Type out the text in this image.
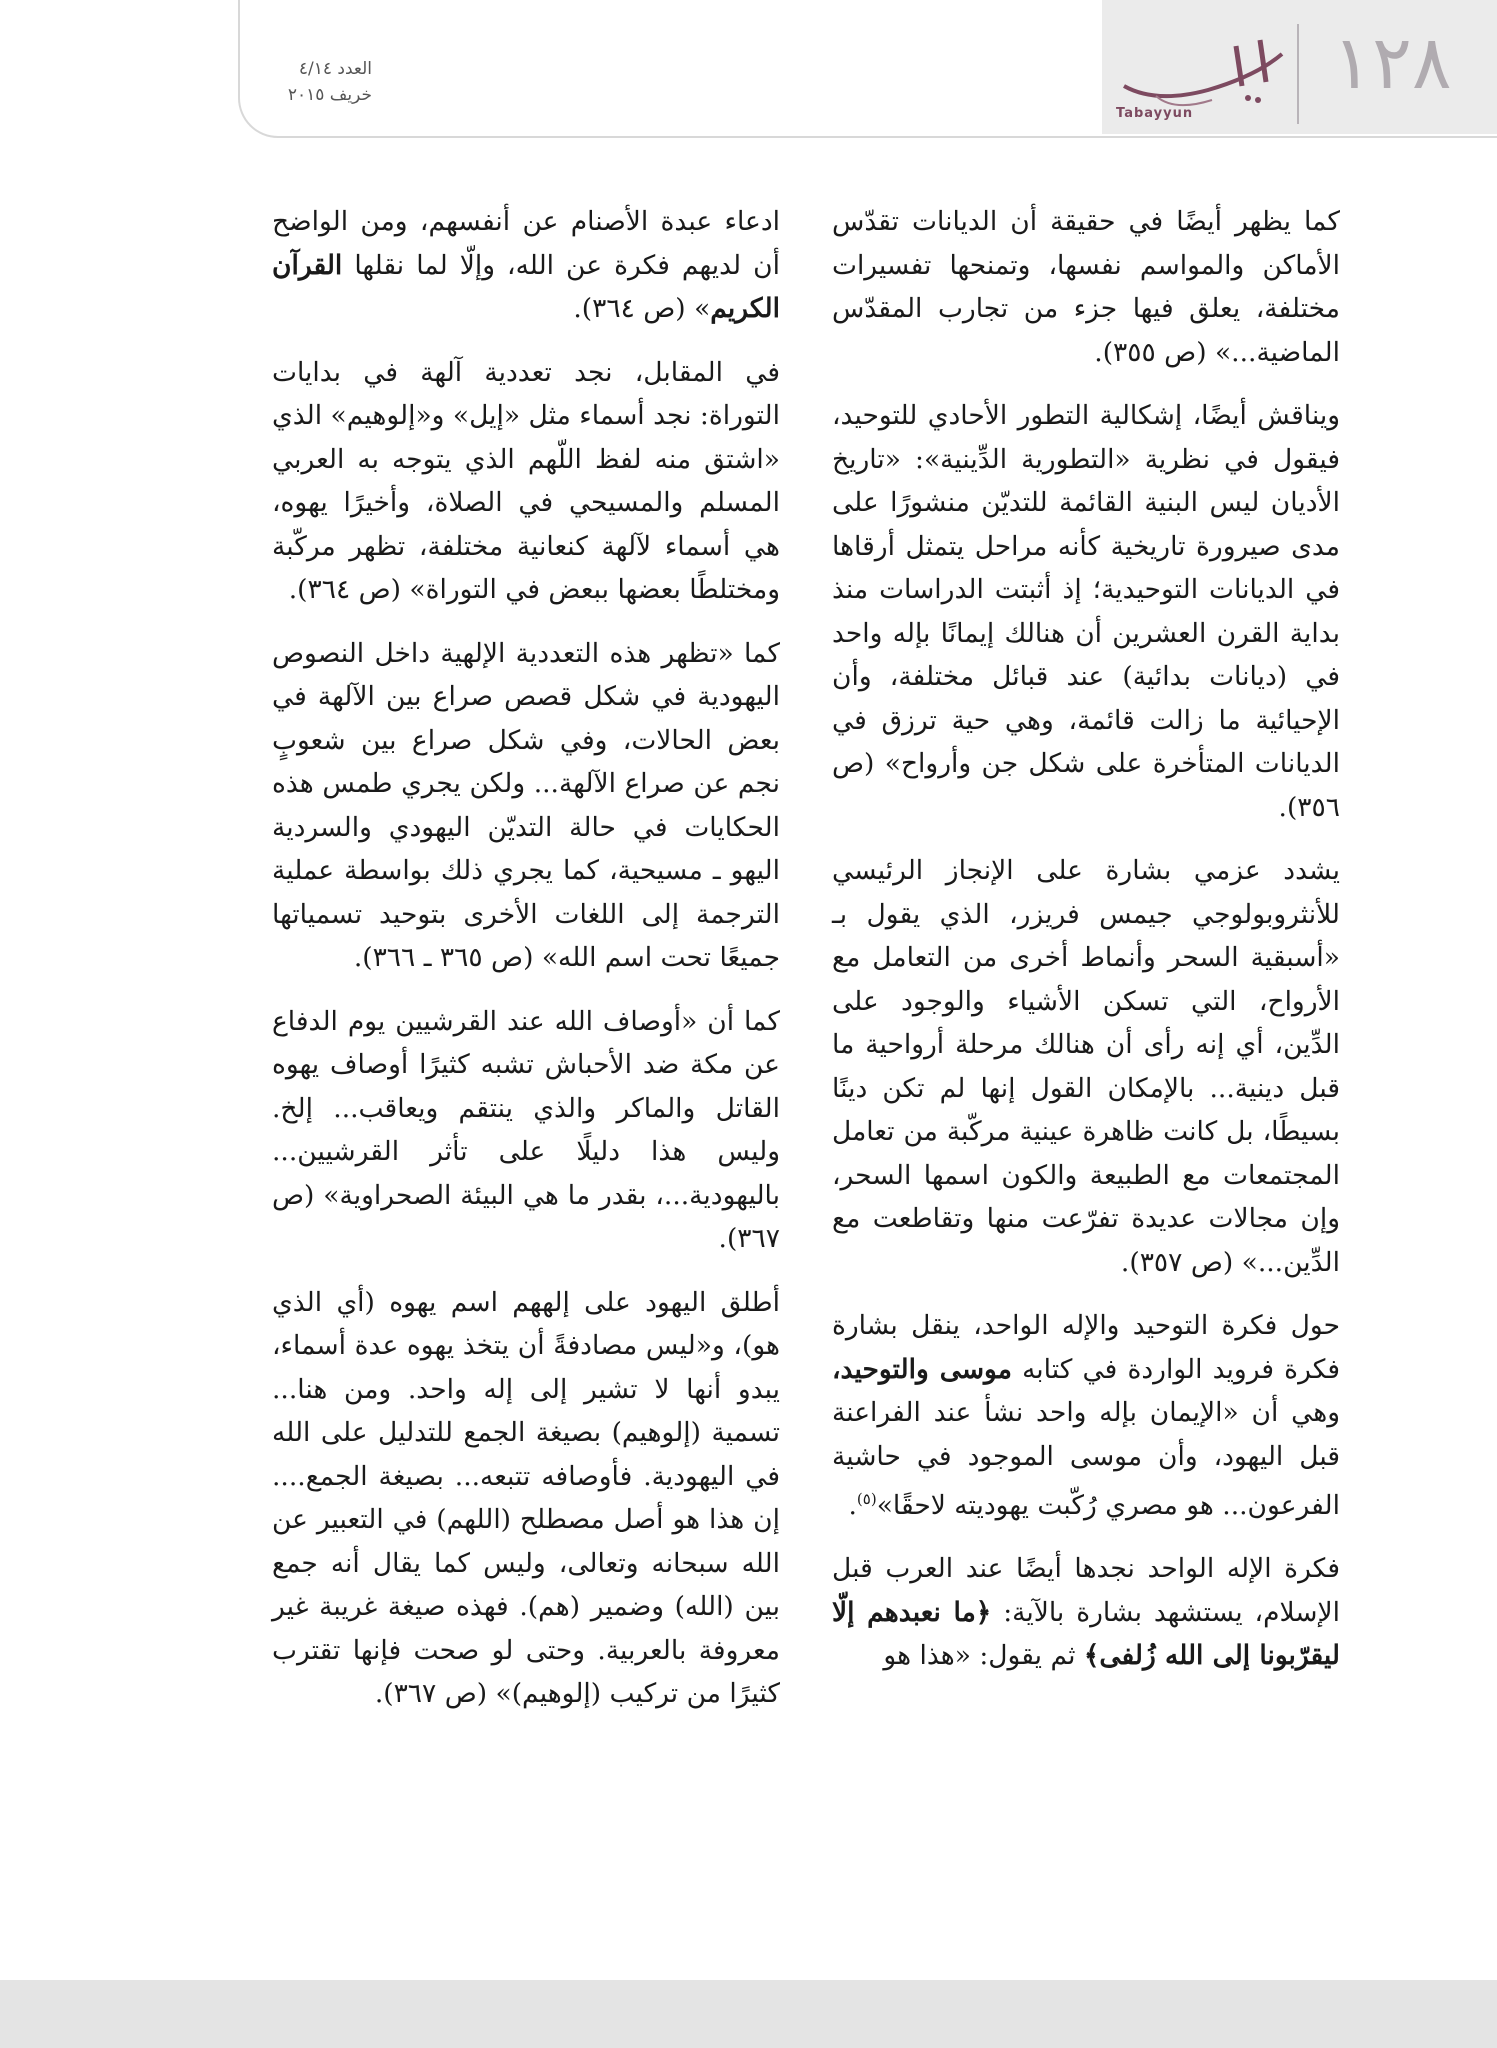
العدد ٤/١٤
خريف ٢٠١٥
Tabayyun
١٢٨

كما يظهر أيضًا في حقيقة أن الديانات تقدّس الأماكن والمواسم نفسها، وتمنحها تفسيرات مختلفة، يعلق فيها جزء من تجارب المقدّس الماضية...» (ص ٣٥٥).

ويناقش أيضًا، إشكالية التطور الأحادي للتوحيد، فيقول في نظرية «التطورية الدِّينية»: «تاريخ الأديان ليس البنية القائمة للتديّن منشورًا على مدى صيرورة تاريخية كأنه مراحل يتمثل أرقاها في الديانات التوحيدية؛ إذ أثبتت الدراسات منذ بداية القرن العشرين أن هنالك إيمانًا بإله واحد في (ديانات بدائية) عند قبائل مختلفة، وأن الإحيائية ما زالت قائمة، وهي حية ترزق في الديانات المتأخرة على شكل جن وأرواح» (ص ٣٥٦).

يشدد عزمي بشارة على الإنجاز الرئيسي للأنثروبولوجي جيمس فريزر، الذي يقول بـ «أسبقية السحر وأنماط أخرى من التعامل مع الأرواح، التي تسكن الأشياء والوجود على الدِّين، أي إنه رأى أن هنالك مرحلة أرواحية ما قبل دينية... بالإمكان القول إنها لم تكن دينًا بسيطًا، بل كانت ظاهرة عينية مركّبة من تعامل المجتمعات مع الطبيعة والكون اسمها السحر، وإن مجالات عديدة تفرّعت منها وتقاطعت مع الدِّين...» (ص ٣٥٧).

حول فكرة التوحيد والإله الواحد، ينقل بشارة فكرة فرويد الواردة في كتابه موسى والتوحيد، وهي أن «الإيمان بإله واحد نشأ عند الفراعنة قبل اليهود، وأن موسى الموجود في حاشية الفرعون... هو مصري رُكّبت يهوديته لاحقًا»$^{(٥)}$.

فكرة الإله الواحد نجدها أيضًا عند العرب قبل الإسلام، يستشهد بشارة بالآية: ﴿ما نعبدهم إلّا ليقرّبونا إلى الله زُلفى﴾ ثم يقول: «هذا هو

ادعاء عبدة الأصنام عن أنفسهم، ومن الواضح أن لديهم فكرة عن الله، وإلّا لما نقلها القرآن الكريم» (ص ٣٦٤).

في المقابل، نجد تعددية آلهة في بدايات التوراة: نجد أسماء مثل «إيل» و«إلوهيم» الذي «اشتق منه لفظ اللّهم الذي يتوجه به العربي المسلم والمسيحي في الصلاة، وأخيرًا يهوه، هي أسماء لآلهة كنعانية مختلفة، تظهر مركّبة ومختلطًا بعضها ببعض في التوراة» (ص ٣٦٤).

كما «تظهر هذه التعددية الإلهية داخل النصوص اليهودية في شكل قصص صراع بين الآلهة في بعض الحالات، وفي شكل صراع بين شعوبٍ نجم عن صراع الآلهة... ولكن يجري طمس هذه الحكايات في حالة التديّن اليهودي والسردية اليهو ـ مسيحية، كما يجري ذلك بواسطة عملية الترجمة إلى اللغات الأخرى بتوحيد تسمياتها جميعًا تحت اسم الله» (ص ٣٦٥ ـ ٣٦٦).

كما أن «أوصاف الله عند القرشيين يوم الدفاع عن مكة ضد الأحباش تشبه كثيرًا أوصاف يهوه القاتل والماكر والذي ينتقم ويعاقب... إلخ. وليس هذا دليلًا على تأثر القرشيين... باليهودية...، بقدر ما هي البيئة الصحراوية» (ص ٣٦٧).

أطلق اليهود على إلههم اسم يهوه (أي الذي هو)، و«ليس مصادفةً أن يتخذ يهوه عدة أسماء، يبدو أنها لا تشير إلى إله واحد. ومن هنا... تسمية (إلوهيم) بصيغة الجمع للتدليل على الله في اليهودية. فأوصافه تتبعه... بصيغة الجمع.... إن هذا هو أصل مصطلح (اللهم) في التعبير عن الله سبحانه وتعالى، وليس كما يقال أنه جمع بين (الله) وضمير (هم). فهذه صيغة غريبة غير معروفة بالعربية. وحتى لو صحت فإنها تقترب كثيرًا من تركيب (إلوهيم)» (ص ٣٦٧).
